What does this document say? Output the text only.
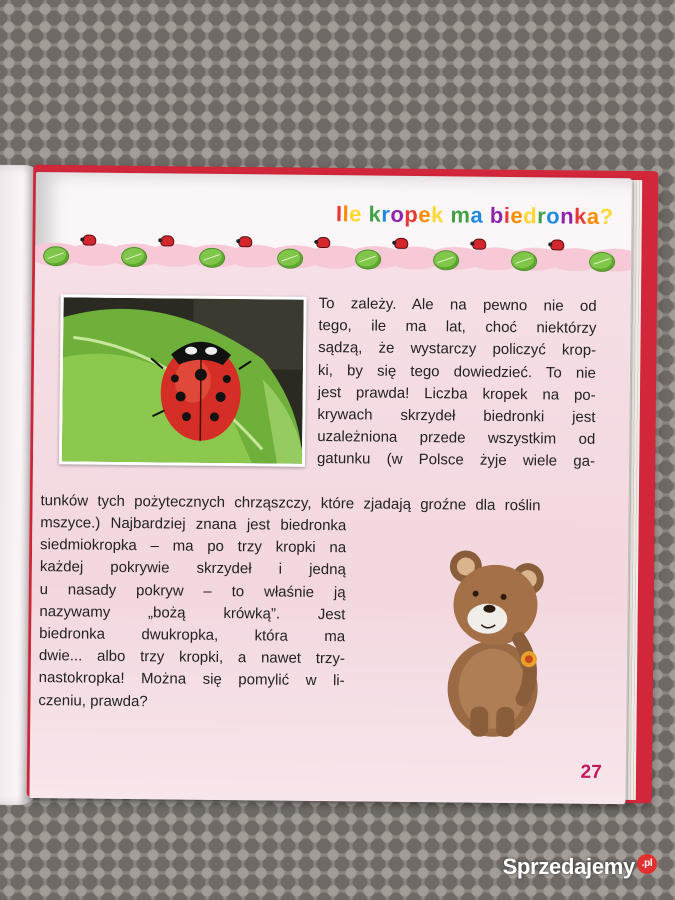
Ile kropek ma biedronka?
To zależy. Ale na pewno nie od
tego, ile ma lat, choć niektórzy
sądzą, że wystarczy policzyć krop-
ki, by się tego dowiedzieć. To nie
jest prawda! Liczba kropek na po-
krywach skrzydeł biedronki jest
uzależniona przede wszystkim od
gatunku (w Polsce żyje wiele ga-
tunków tych pożytecznych chrząszczy, które zjadają groźne dla roślin
mszyce.) Najbardziej znana jest biedronka
siedmiokropka – ma po trzy kropki na
każdej pokrywie skrzydeł i jedną
u nasady pokryw – to właśnie ją
nazywamy „bożą krówką”. Jest
biedronka dwukropka, która ma
dwie... albo trzy kropki, a nawet trzy-
nastokropka! Można się pomylić w li-
czeniu, prawda?
27
Sprzedajemy .pl
